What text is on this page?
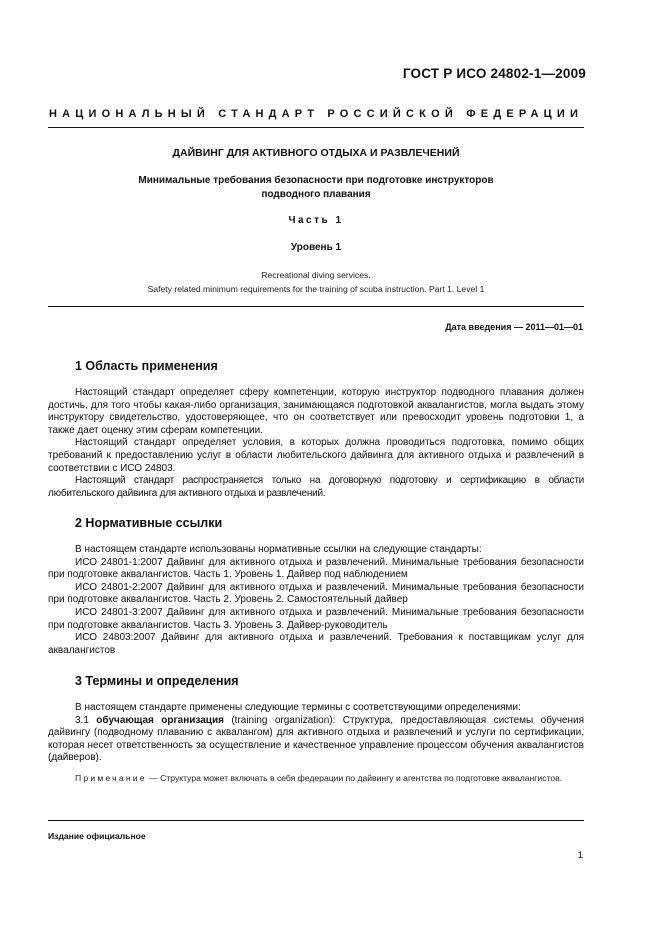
ГОСТ Р ИСО 24802-1—2009
НАЦИОНАЛЬНЫЙ СТАНДАРТ РОССИЙСКОЙ ФЕДЕРАЦИИ
ДАЙВИНГ ДЛЯ АКТИВНОГО ОТДЫХА И РАЗВЛЕЧЕНИЙ
Минимальные требования безопасности при подготовке инструкторов
подводного плавания
Часть 1
Уровень 1
Recreational diving services.
Safety related minimum requirements for the training of scuba instruction. Part 1. Level 1
Дата введения — 2011—01—01
1 Область применения

Настоящий стандарт определяет сферу компетенции, которую инструктор подводного плавания должен достичь, для того чтобы какая-либо организация, занимающаяся подготовкой аквалангистов, могла выдать этому инструктору свидетельство, удостоверяющее, что он соответствует или превосходит уровень подготовки 1, а также дает оценку этим сферам компетенции.

Настоящий стандарт определяет условия, в которых должна проводиться подготовка, помимо общих требований к предоставлению услуг в области любительского дайвинга для активного отдыха и развлечений в соответствии с ИСО 24803.

Настоящий стандарт распространяется только на договорную подготовку и сертификацию в области любительского дайвинга для активного отдыха и развлечений.

2 Нормативные ссылки

В настоящем стандарте использованы нормативные ссылки на следующие стандарты:

ИСО 24801-1:2007 Дайвинг для активного отдыха и развлечений. Минимальные требования безопасности при подготовке аквалангистов. Часть 1. Уровень 1. Дайвер под наблюдением

ИСО 24801-2:2007 Дайвинг для активного отдыха и развлечений. Минимальные требования безопасности при подготовке аквалангистов. Часть 2. Уровень 2. Самостоятельный дайвер

ИСО 24801-3:2007 Дайвинг для активного отдыха и развлечений. Минимальные требования безопасности при подготовке аквалангистов. Часть 3. Уровень 3. Дайвер-руководитель

ИСО 24803:2007 Дайвинг для активного отдыха и развлечений. Требования к поставщикам услуг для аквалангистов

3 Термины и определения

В настоящем стандарте применены следующие термины с соответствующими определениями:

3.1 обучающая организация (training organization): Структура, предоставляющая системы обучения дайвингу (подводному плаванию с аквалангом) для активного отдыха и развлечений и услуги по сертификации, которая несет ответственность за осуществление и качественное управление процессом обучения аквалангистов (дайверов).

Примечание — Структура может включать в себя федерации по дайвингу и агентства по подготовке аквалангистов.

Издание официальное
1
